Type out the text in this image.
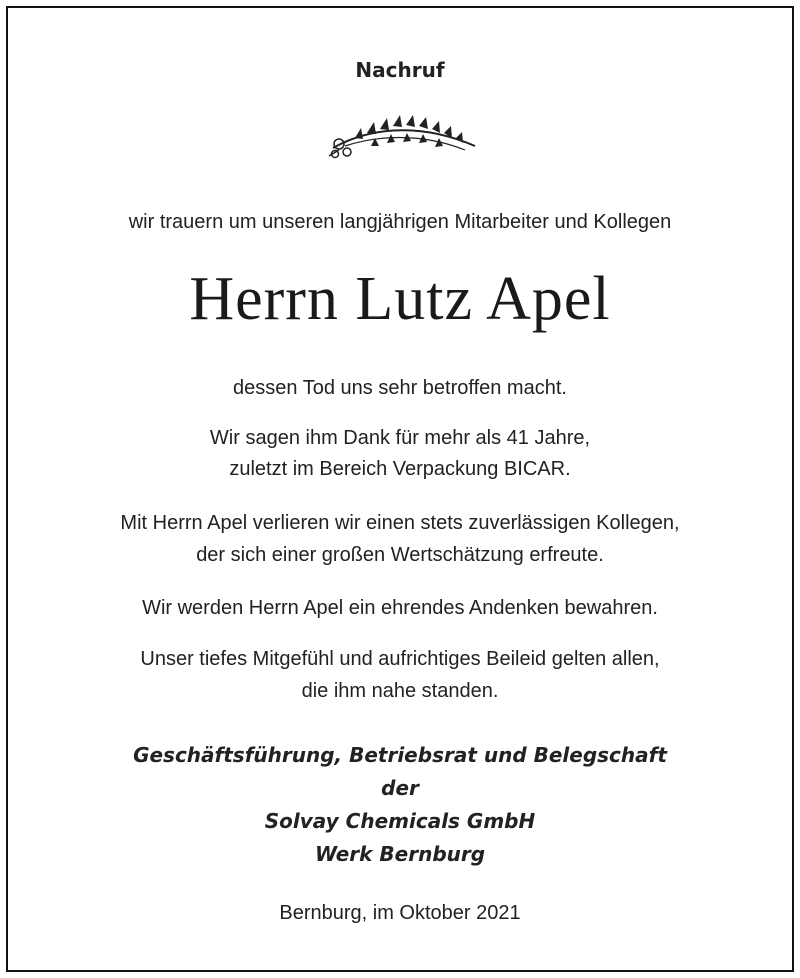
Nachruf
wir trauern um unseren langjährigen Mitarbeiter und Kollegen
Herrn Lutz Apel
dessen Tod uns sehr betroffen macht.
Wir sagen ihm Dank für mehr als 41 Jahre,
zuletzt im Bereich Verpackung BICAR.
Mit Herrn Apel verlieren wir einen stets zuverlässigen Kollegen,
der sich einer großen Wertschätzung erfreute.
Wir werden Herrn Apel ein ehrendes Andenken bewahren.
Unser tiefes Mitgefühl und aufrichtiges Beileid gelten allen,
die ihm nahe standen.
Geschäftsführung, Betriebsrat und Belegschaft
der
Solvay Chemicals GmbH
Werk Bernburg
Bernburg, im Oktober 2021
